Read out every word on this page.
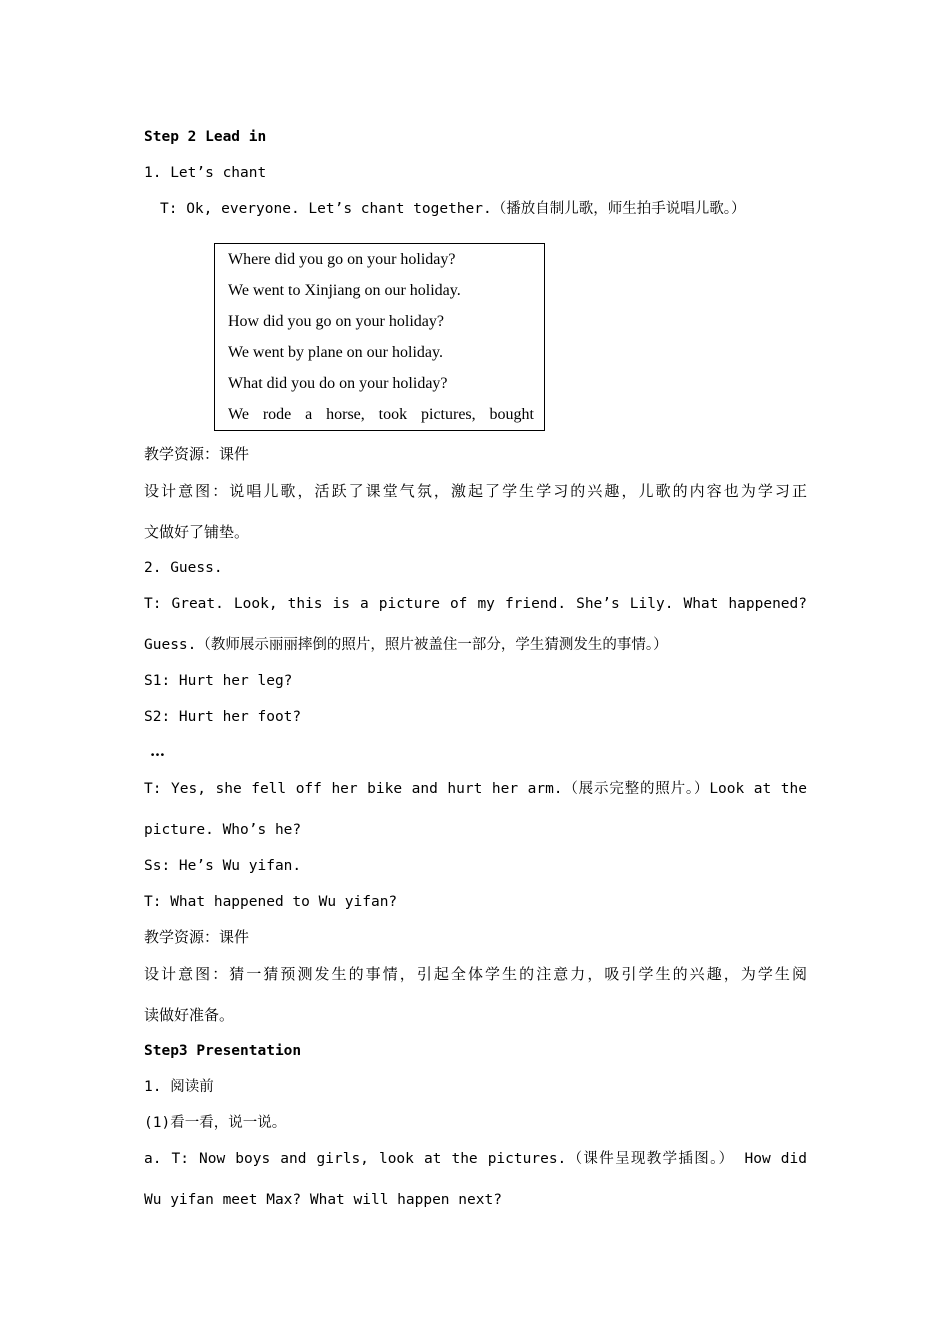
Step 2 Lead in
1. Let’s chant
T: Ok, everyone. Let’s chant together.（播放自制儿歌，师生拍手说唱儿歌。）
Where did you go on your holiday?
We went to Xinjiang on our holiday.
How did you go on your holiday?
We went by plane on our holiday.
What did you do on your holiday?
We rode a horse, took pictures, bought
教学资源：课件
设计意图：说唱儿歌，活跃了课堂气氛，激起了学生学习的兴趣，儿歌的内容也为学习正
文做好了铺垫。
2. Guess.
T: Great. Look, this is a picture of my friend. She’s Lily. What happened?
Guess.（教师展示丽丽摔倒的照片，照片被盖住一部分，学生猜测发生的事情。）
S1: Hurt her leg?
S2: Hurt her foot?
…
T: Yes, she fell off her bike and hurt her arm.（展示完整的照片。）Look at the
picture. Who’s he?
Ss: He’s Wu yifan.
T: What happened to Wu yifan?
教学资源：课件
设计意图：猜一猜预测发生的事情，引起全体学生的注意力，吸引学生的兴趣，为学生阅
读做好准备。
Step3 Presentation
1. 阅读前
(1)看一看，说一说。
a. T: Now boys and girls, look at the pictures.（课件呈现教学插图。） How did
Wu yifan meet Max? What will happen next?
